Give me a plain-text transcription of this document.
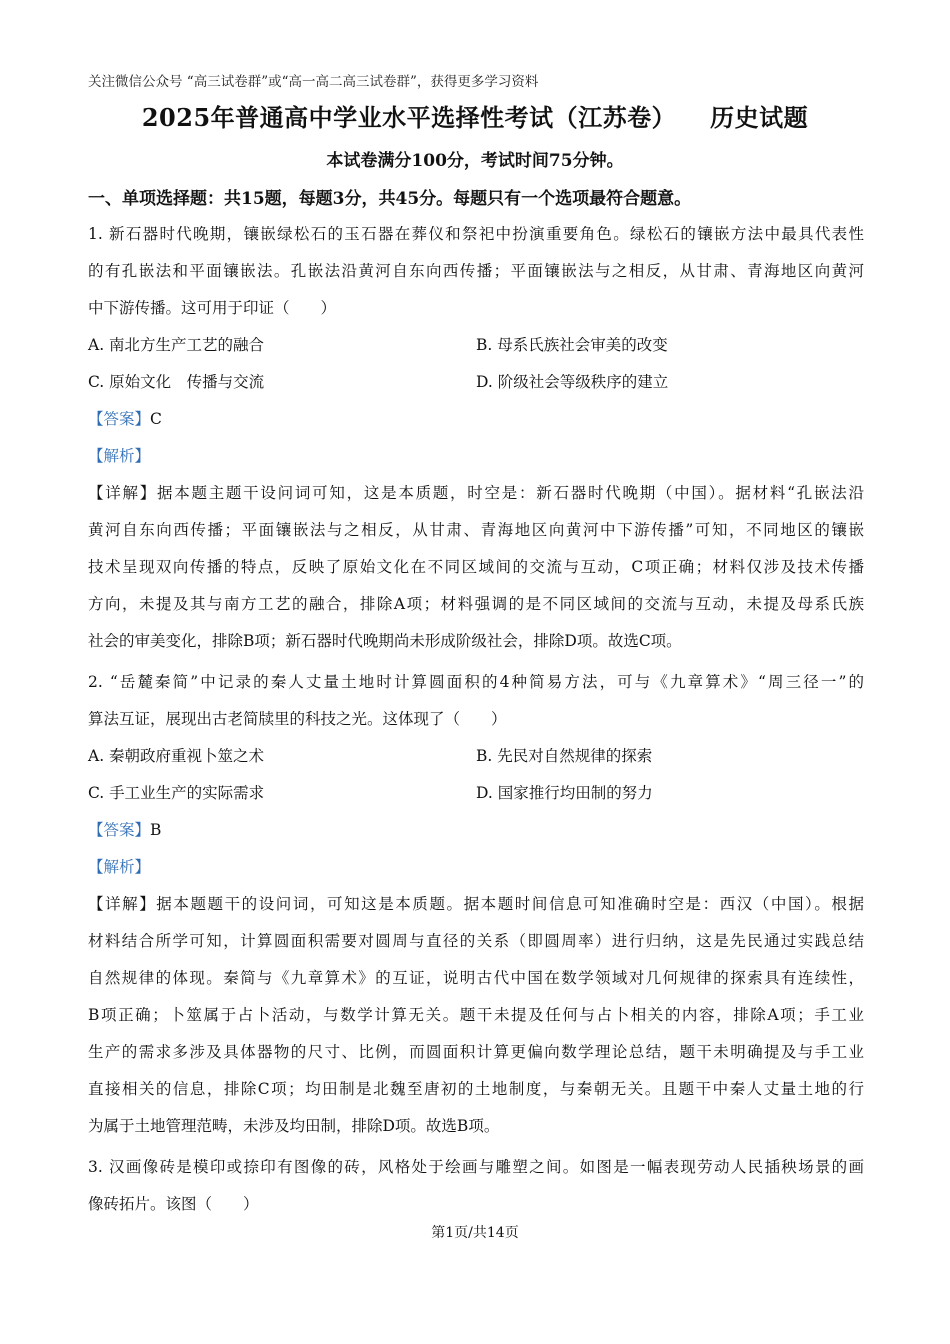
关注微信公众号 “高三试卷群”或“高一高二高三试卷群”，获得更多学习资料
2025年普通高中学业水平选择性考试（江苏卷） 历史试题
本试卷满分100分，考试时间75分钟。
一、单项选择题：共15题，每题3分，共45分。每题只有一个选项最符合题意。
1. 新石器时代晚期，镶嵌绿松石的玉石器在葬仪和祭祀中扮演重要角色。绿松石的镶嵌方法中最具代表性
的有孔嵌法和平面镶嵌法。孔嵌法沿黄河自东向西传播；平面镶嵌法与之相反，从甘肃、青海地区向黄河
中下游传播。这可用于印证（　　）
A. 南北方生产工艺的融合	B. 母系氏族社会审美的改变
C. 原始文化　传播与交流	D. 阶级社会等级秩序的建立
【答案】C
【解析】
【详解】据本题主题干设问词可知，这是本质题，时空是：新石器时代晚期（中国）。据材料“孔嵌法沿
黄河自东向西传播；平面镶嵌法与之相反，从甘肃、青海地区向黄河中下游传播”可知，不同地区的镶嵌
技术呈现双向传播的特点，反映了原始文化在不同区域间的交流与互动，C项正确；材料仅涉及技术传播
方向，未提及其与南方工艺的融合，排除A项；材料强调的是不同区域间的交流与互动，未提及母系氏族
社会的审美变化，排除B项；新石器时代晚期尚未形成阶级社会，排除D项。故选C项。
2. “岳麓秦简”中记录的秦人丈量土地时计算圆面积的4种简易方法，可与《九章算术》“周三径一”的
算法互证，展现出古老简牍里的科技之光。这体现了（　　）
A. 秦朝政府重视卜筮之术	B. 先民对自然规律的探索
C. 手工业生产的实际需求	D. 国家推行均田制的努力
【答案】B
【解析】
【详解】据本题题干的设问词，可知这是本质题。据本题时间信息可知准确时空是：西汉（中国）。根据
材料结合所学可知，计算圆面积需要对圆周与直径的关系（即圆周率）进行归纳，这是先民通过实践总结
自然规律的体现。秦简与《九章算术》的互证，说明古代中国在数学领域对几何规律的探索具有连续性，
B项正确；卜筮属于占卜活动，与数学计算无关。题干未提及任何与占卜相关的内容，排除A项；手工业
生产的需求多涉及具体器物的尺寸、比例，而圆面积计算更偏向数学理论总结，题干未明确提及与手工业
直接相关的信息，排除C项；均田制是北魏至唐初的土地制度，与秦朝无关。且题干中秦人丈量土地的行
为属于土地管理范畴，未涉及均田制，排除D项。故选B项。
3. 汉画像砖是模印或捺印有图像的砖，风格处于绘画与雕塑之间。如图是一幅表现劳动人民插秧场景的画
像砖拓片。该图（　　）
第1页/共14页
